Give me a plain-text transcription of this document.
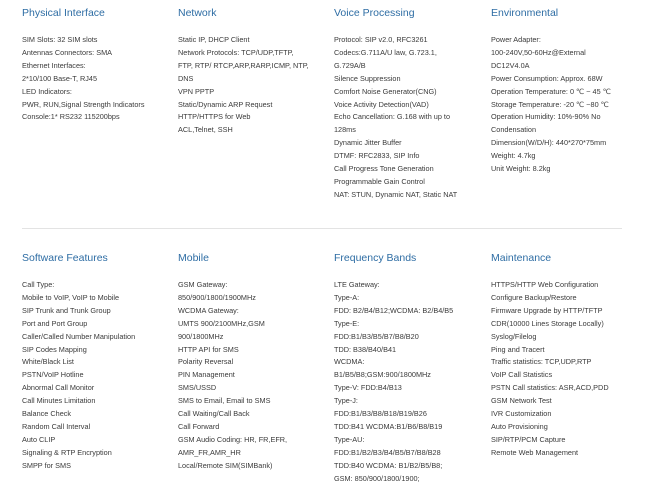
Physical Interface
SIM Slots: 32 SIM slots
Antennas Connectors: SMA
Ethernet Interfaces:
2*10/100 Base-T, RJ45
LED Indicators:
PWR, RUN,Signal Strength Indicators
Console:1* RS232 115200bps
Network
Static IP, DHCP Client
Network Protocols: TCP/UDP,TFTP,
FTP, RTP/ RTCP,ARP,RARP,ICMP, NTP,
DNS
VPN PPTP
Static/Dynamic ARP Request
HTTP/HTTPS for Web
ACL,Telnet, SSH
Voice Processing
Protocol: SIP v2.0, RFC3261
Codecs:G.711A/U law, G.723.1,
G.729A/B
Silence Suppression
Comfort Noise Generator(CNG)
Voice Activity Detection(VAD)
Echo Cancellation: G.168 with up to
128ms
Dynamic Jitter Buffer
DTMF: RFC2833, SIP Info
Call Progress Tone Generation
Programmable Gain Control
NAT: STUN, Dynamic NAT, Static NAT
Environmental
Power Adapter:
100-240V,50-60Hz@External
DC12V4.0A
Power Consumption: Approx. 68W
Operation Temperature: 0 ℃ ~ 45 ℃
Storage Temperature: -20 ℃ ~80 ℃
Operation Humidity: 10%-90% No
Condensation
Dimension(W/D/H): 440*270*75mm
Weight: 4.7kg
Unit Weight: 8.2kg
Software Features
Call Type:
Mobile to VoIP, VoIP to Mobile
SIP Trunk and Trunk Group
Port and Port Group
Caller/Called Number Manipulation
SIP Codes Mapping
White/Black List
PSTN/VoIP Hotline
Abnormal Call Monitor
Call Minutes Limitation
Balance Check
Random Call Interval
Auto CLIP
Signaling & RTP Encryption
SMPP for SMS
Mobile
GSM Gateway:
850/900/1800/1900MHz
WCDMA Gateway:
UMTS 900/2100MHz,GSM
900/1800MHz
HTTP API for SMS
Polarity Reversal
PIN Management
SMS/USSD
SMS to Email, Email to SMS
Call Waiting/Call Back
Call Forward
GSM Audio Coding: HR, FR,EFR,
AMR_FR,AMR_HR
Local/Remote SIM(SIMBank)
Frequency Bands
LTE Gateway:
Type-A:
FDD: B2/B4/B12;WCDMA: B2/B4/B5
Type-E:
FDD:B1/B3/B5/B7/B8/B20
TDD: B38/B40/B41
WCDMA:
B1/B5/B8;GSM:900/1800MHz
Type-V: FDD:B4/B13
Type-J:
FDD:B1/B3/B8/B18/B19/B26
TDD:B41 WCDMA:B1/B6/B8/B19
Type-AU:
FDD:B1/B2/B3/B4/B5/B7/B8/B28
TDD:B40 WCDMA: B1/B2/B5/B8;
GSM: 850/900/1800/1900;
Maintenance
HTTPS/HTTP Web Configuration
Configure Backup/Restore
Firmware Upgrade by HTTP/TFTP
CDR(10000 Lines Storage Locally)
Syslog/Filelog
Ping and Tracert
Traffic statistics: TCP,UDP,RTP
VoIP Call Statistics
PSTN Call statistics: ASR,ACD,PDD
GSM Network Test
IVR Customization
Auto Provisioning
SIP/RTP/PCM Capture
Remote Web Management
